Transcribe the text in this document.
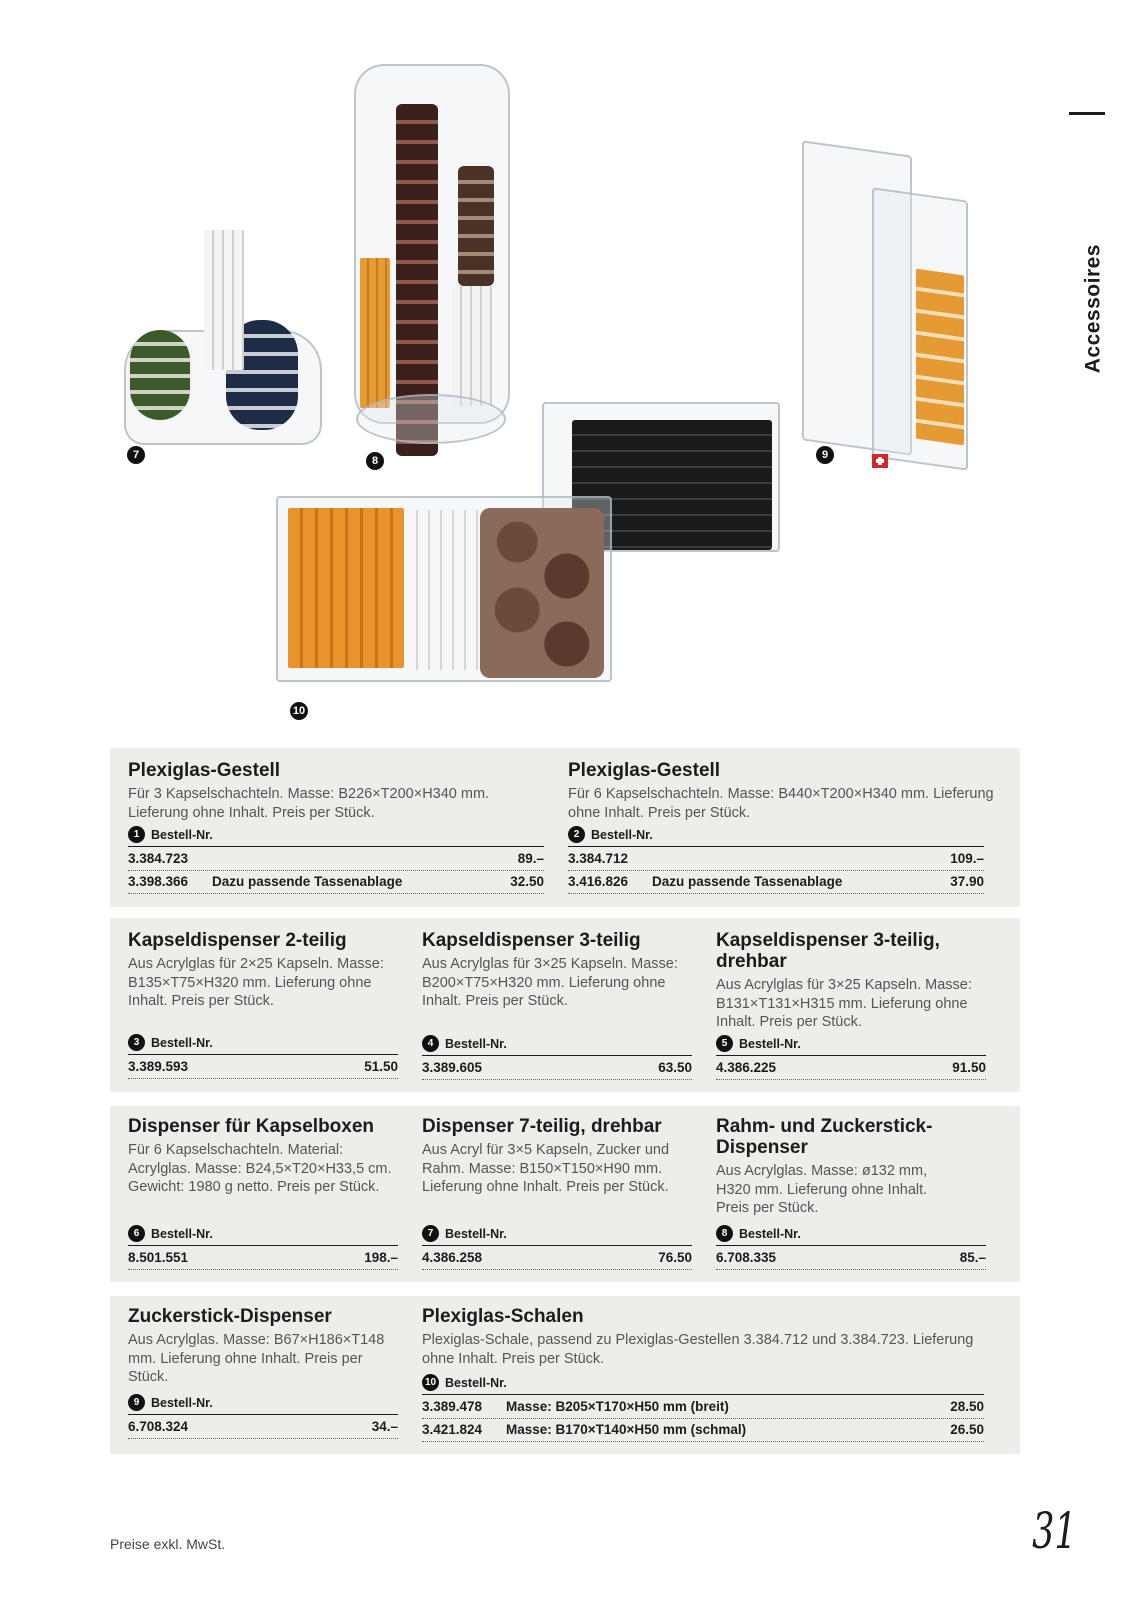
Accessoires
7	8	9
10
Plexiglas-Gestell
Für 3 Kapselschachteln. Masse: B226×T200×H340 mm. Lieferung ohne Inhalt. Preis per Stück.
1 Bestell-Nr.
3.384.723	89.–
3.398.366	Dazu passende Tassenablage	32.50
Plexiglas-Gestell
Für 6 Kapselschachteln. Masse: B440×T200×H340 mm. Lieferung ohne Inhalt. Preis per Stück.
2 Bestell-Nr.
3.384.712	109.–
3.416.826	Dazu passende Tassenablage	37.90
Kapseldispenser 2-teilig
Aus Acrylglas für 2×25 Kapseln. Masse: B135×T75×H320 mm. Lieferung ohne Inhalt. Preis per Stück.
3 Bestell-Nr.
3.389.593	51.50
Kapseldispenser 3-teilig
Aus Acrylglas für 3×25 Kapseln. Masse: B200×T75×H320 mm. Lieferung ohne Inhalt. Preis per Stück.
4 Bestell-Nr.
3.389.605	63.50
Kapseldispenser 3-teilig, drehbar
Aus Acrylglas für 3×25 Kapseln. Masse: B131×T131×H315 mm. Lieferung ohne Inhalt. Preis per Stück.
5 Bestell-Nr.
4.386.225	91.50
Dispenser für Kapselboxen
Für 6 Kapselschachteln. Material: Acrylglas. Masse: B24,5×T20×H33,5 cm. Gewicht: 1980 g netto. Preis per Stück.
6 Bestell-Nr.
8.501.551	198.–
Dispenser 7-teilig, drehbar
Aus Acryl für 3×5 Kapseln, Zucker und Rahm. Masse: B150×T150×H90 mm. Lieferung ohne Inhalt. Preis per Stück.
7 Bestell-Nr.
4.386.258	76.50
Rahm- und Zuckerstick-Dispenser
Aus Acrylglas. Masse: ø132 mm, H320 mm. Lieferung ohne Inhalt. Preis per Stück.
8 Bestell-Nr.
6.708.335	85.–
Zuckerstick-Dispenser
Aus Acrylglas. Masse: B67×H186×T148 mm. Lieferung ohne Inhalt. Preis per Stück.
9 Bestell-Nr.
6.708.324	34.–
Plexiglas-Schalen
Plexiglas-Schale, passend zu Plexiglas-Gestellen 3.384.712 und 3.384.723. Lieferung ohne Inhalt. Preis per Stück.
10 Bestell-Nr.
3.389.478	Masse: B205×T170×H50 mm (breit)	28.50
3.421.824	Masse: B170×T140×H50 mm (schmal)	26.50
Preise exkl. MwSt.	31
